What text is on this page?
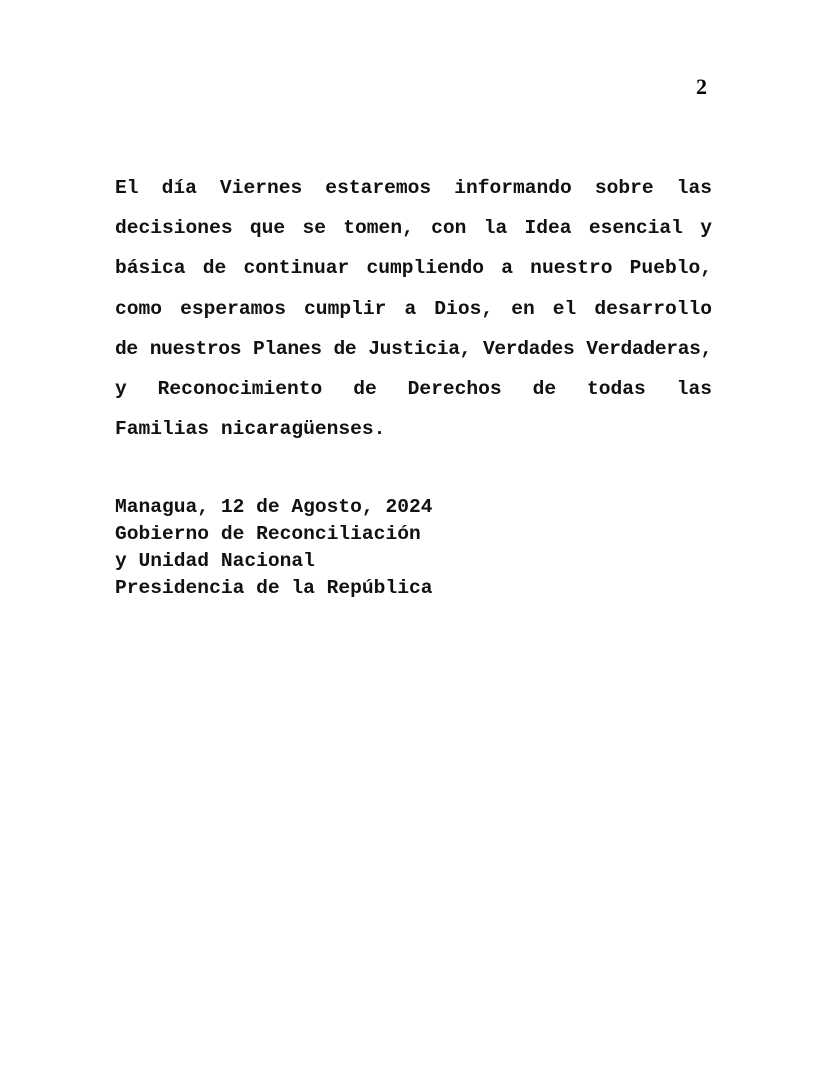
2
El día Viernes estaremos informando sobre las
decisiones que se tomen, con la Idea esencial y
básica de continuar cumpliendo a nuestro Pueblo,
como esperamos cumplir a Dios, en el desarrollo
de nuestros Planes de Justicia, Verdades Verdaderas,
y Reconocimiento de Derechos de todas las
Familias nicaragüenses.
Managua, 12 de Agosto, 2024
Gobierno de Reconciliación
y Unidad Nacional
Presidencia de la República
